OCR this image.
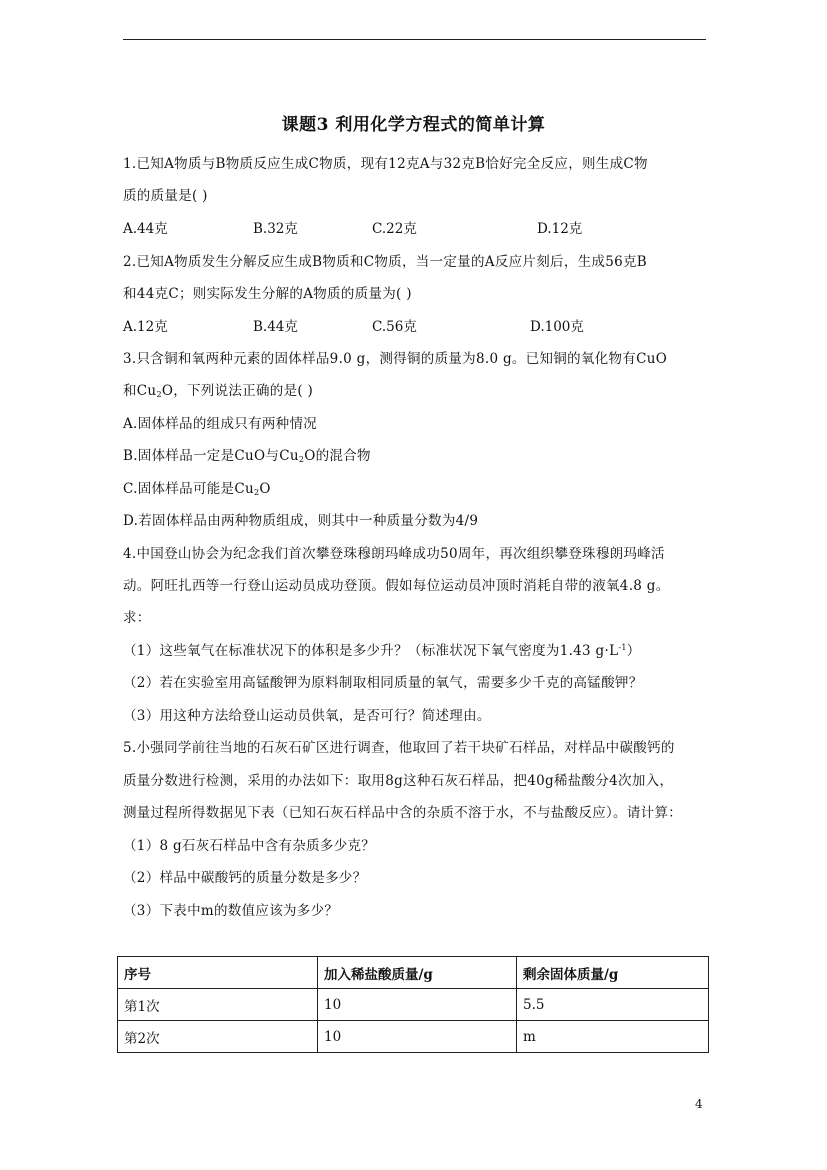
课题3 利用化学方程式的简单计算
1.已知A物质与B物质反应生成C物质，现有12克A与32克B恰好完全反应，则生成C物
质的质量是( )
A.44克	B.32克	C.22克	D.12克
2.已知A物质发生分解反应生成B物质和C物质，当一定量的A反应片刻后，生成56克B
和44克C；则实际发生分解的A物质的质量为( )
A.12克	B.44克	C.56克	D.100克
3.只含铜和氧两种元素的固体样品9.0 g，测得铜的质量为8.0 g。已知铜的氧化物有CuO
和$Cu_2O$，下列说法正确的是( )
A.固体样品的组成只有两种情况
B.固体样品一定是CuO与$Cu_2O$的混合物
C.固体样品可能是$Cu_2O$
D.若固体样品由两种物质组成，则其中一种质量分数为4/9
4.中国登山协会为纪念我们首次攀登珠穆朗玛峰成功50周年，再次组织攀登珠穆朗玛峰活
动。阿旺扎西等一行登山运动员成功登顶。假如每位运动员冲顶时消耗自带的液氧4.8 g。
求：
（1）这些氧气在标准状况下的体积是多少升？（标准状况下氧气密度为1.43 $g\cdot L^{-1}$）
（2）若在实验室用高锰酸钾为原料制取相同质量的氧气，需要多少千克的高锰酸钾？
（3）用这种方法给登山运动员供氧，是否可行？简述理由。
5.小强同学前往当地的石灰石矿区进行调查，他取回了若干块矿石样品，对样品中碳酸钙的
质量分数进行检测，采用的办法如下：取用8g这种石灰石样品，把40g稀盐酸分4次加入，
测量过程所得数据见下表（已知石灰石样品中含的杂质不溶于水，不与盐酸反应）。请计算：
（1）8 g石灰石样品中含有杂质多少克？
（2）样品中碳酸钙的质量分数是多少？
（3）下表中m的数值应该为多少？
序号	加入稀盐酸质量/g	剩余固体质量/g
第1次	10	5.5
第2次	10	m
4
